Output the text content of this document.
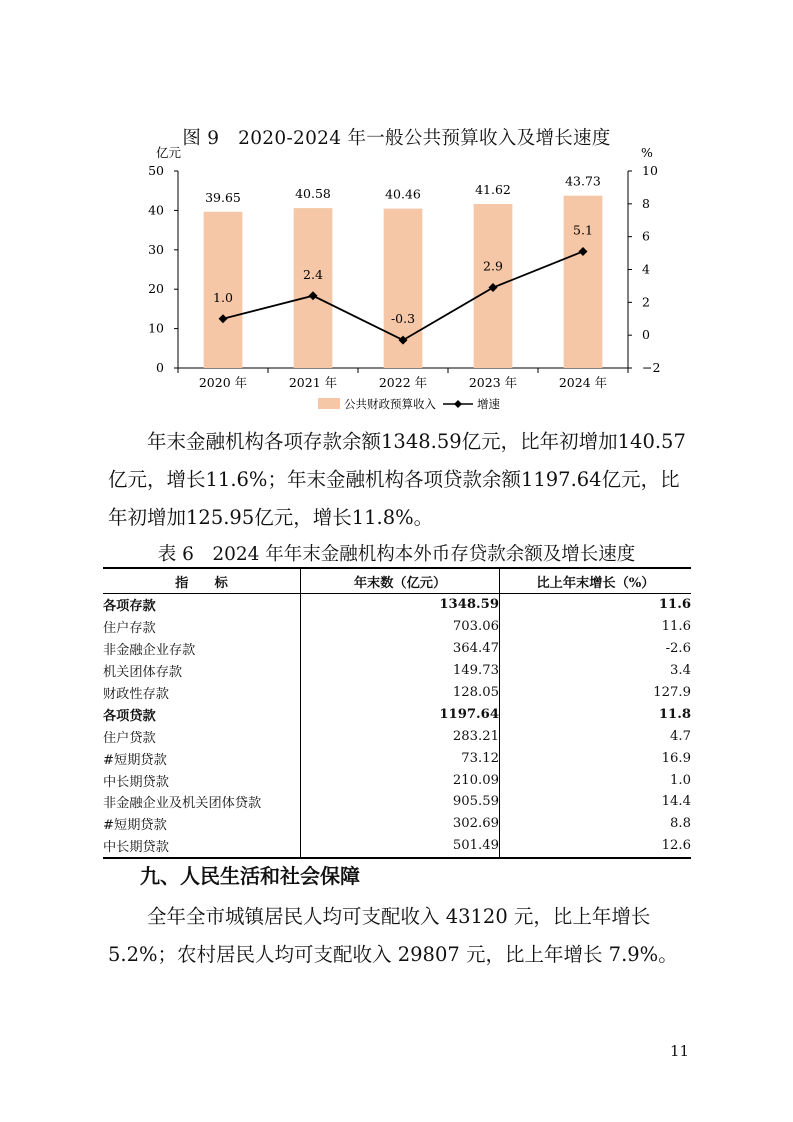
图 9　2020-2024 年一般公共预算收入及增长速度
0
10
20
30
40
50
−2
0
2
4
6
8
10
亿元	%
2020 年	2021 年	2022 年	2023 年	2024 年
39.65	40.58	40.46	41.62
43.73
1.0
2.4
-0.3
2.9
5.1
公共财政预算收入	增速
年末金融机构各项存款余额1348.59亿元，比年初增加140.57
亿元，增长11.6%；年末金融机构各项贷款余额1197.64亿元，比
年初增加125.95亿元，增长11.8%。
表 6　2024 年年末金融机构本外币存贷款余额及增长速度
指　　标	年末数（亿元）	比上年末增长（%）
各项存款	1348.59	11.6
住户存款	703.06	11.6
非金融企业存款	364.47	-2.6
机关团体存款	149.73	3.4
财政性存款	128.05	127.9
各项贷款	1197.64	11.8
住户贷款	283.21	4.7
#短期贷款	73.12	16.9
中长期贷款	210.09	1.0
非金融企业及机关团体贷款	905.59	14.4
#短期贷款	302.69	8.8
中长期贷款	501.49	12.6
九、人民生活和社会保障
全年全市城镇居民人均可支配收入 43120 元，比上年增长
5.2%；农村居民人均可支配收入 29807 元，比上年增长 7.9%。
11
